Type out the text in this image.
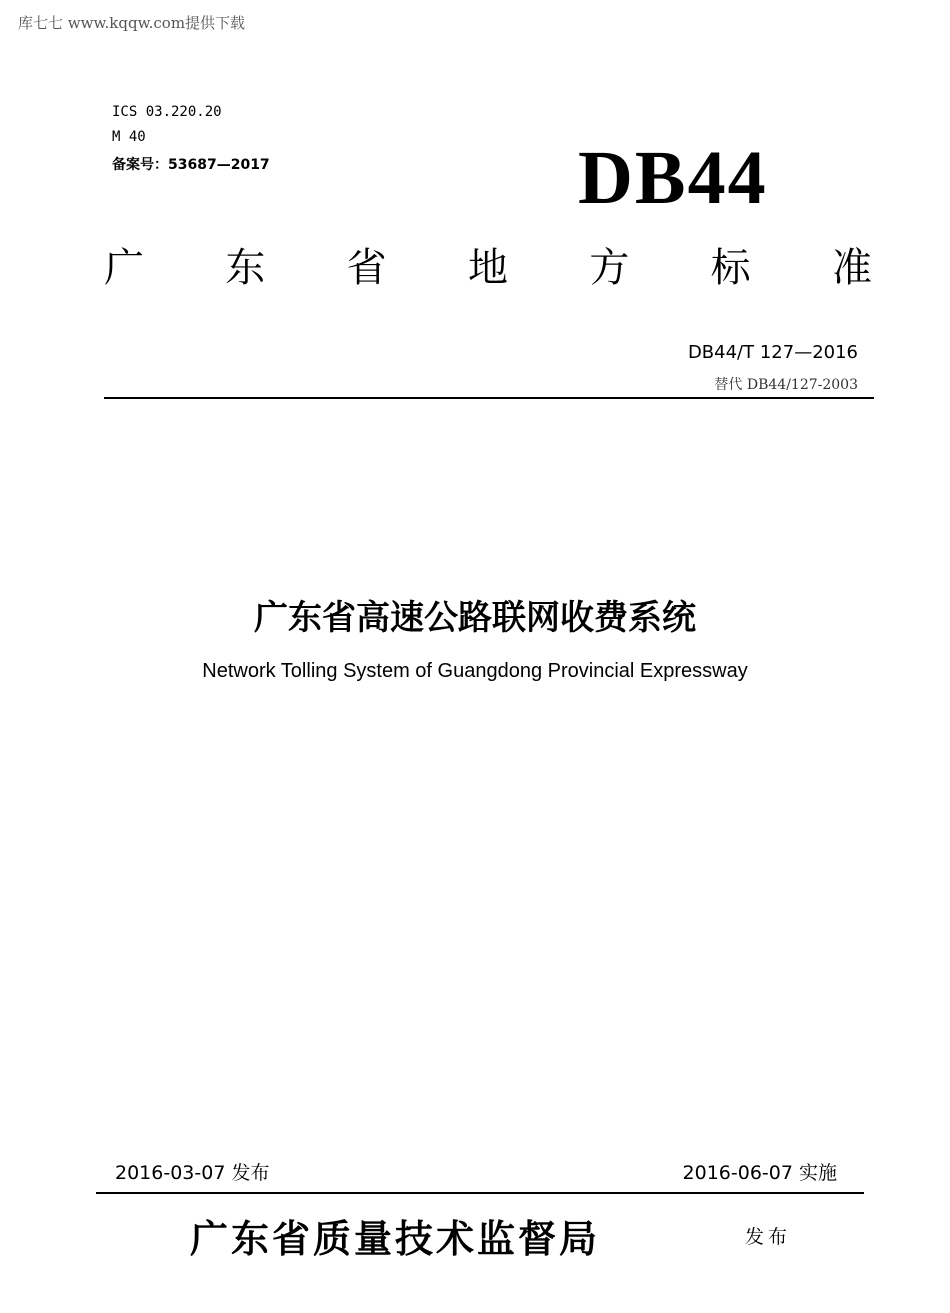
库七七 www.kqqw.com提供下载
ICS 03.220.20
M 40
备案号：53687—2017	DB44
广 东 省 地 方 标 准
DB44/T 127—2016
替代 DB44/127-2003
广东省高速公路联网收费系统
Network Tolling System of Guangdong Provincial Expressway
2016-03-07 发布	2016-06-07 实施
广东省质量技术监督局	发布
